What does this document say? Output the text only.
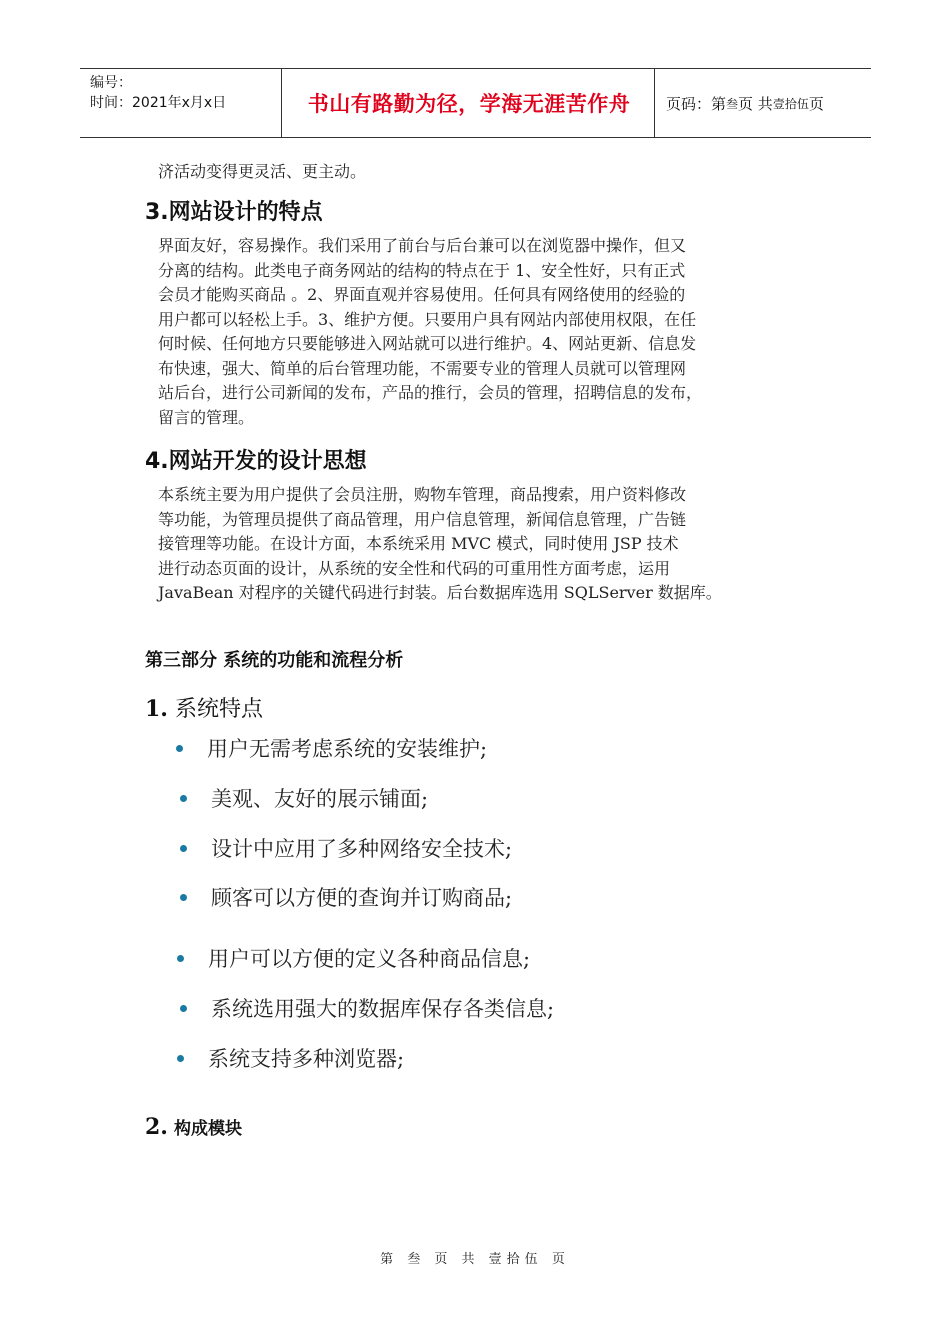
编号：
时间：2021年x月x日	书山有路勤为径，学海无涯苦作舟	页码：第 叁 页 共 壹拾伍 页
济活动变得更灵活、更主动。
3.网站设计的特点
界面友好，容易操作。我们采用了前台与后台兼可以在浏览器中操作，但又
分离的结构。此类电子商务网站的结构的特点在于 1、安全性好，只有正式
会员才能购买商品 。2、界面直观并容易使用。任何具有网络使用的经验的
用户都可以轻松上手。3、维护方便。只要用户具有网站内部使用权限，在任
何时候、任何地方只要能够进入网站就可以进行维护。4、网站更新、信息发
布快速，强大、简单的后台管理功能，不需要专业的管理人员就可以管理网
站后台，进行公司新闻的发布，产品的推行，会员的管理，招聘信息的发布，
留言的管理。
4.网站开发的设计思想
本系统主要为用户提供了会员注册，购物车管理，商品搜索，用户资料修改
等功能，为管理员提供了商品管理，用户信息管理，新闻信息管理，广告链
接管理等功能。在设计方面，本系统采用 MVC 模式，同时使用 JSP 技术
进行动态页面的设计，从系统的安全性和代码的可重用性方面考虑，运用
JavaBean 对程序的关键代码进行封装。后台数据库选用 SQLServer 数据库。
第三部分 系统的功能和流程分析
1. 系统特点
用户无需考虑系统的安装维护;
美观、友好的展示铺面;
设计中应用了多种网络安全技术;
顾客可以方便的查询并订购商品;
用户可以方便的定义各种商品信息;
系统选用强大的数据库保存各类信息;
系统支持多种浏览器;
2. 构成模块
第 叁 页 共 壹拾伍 页
